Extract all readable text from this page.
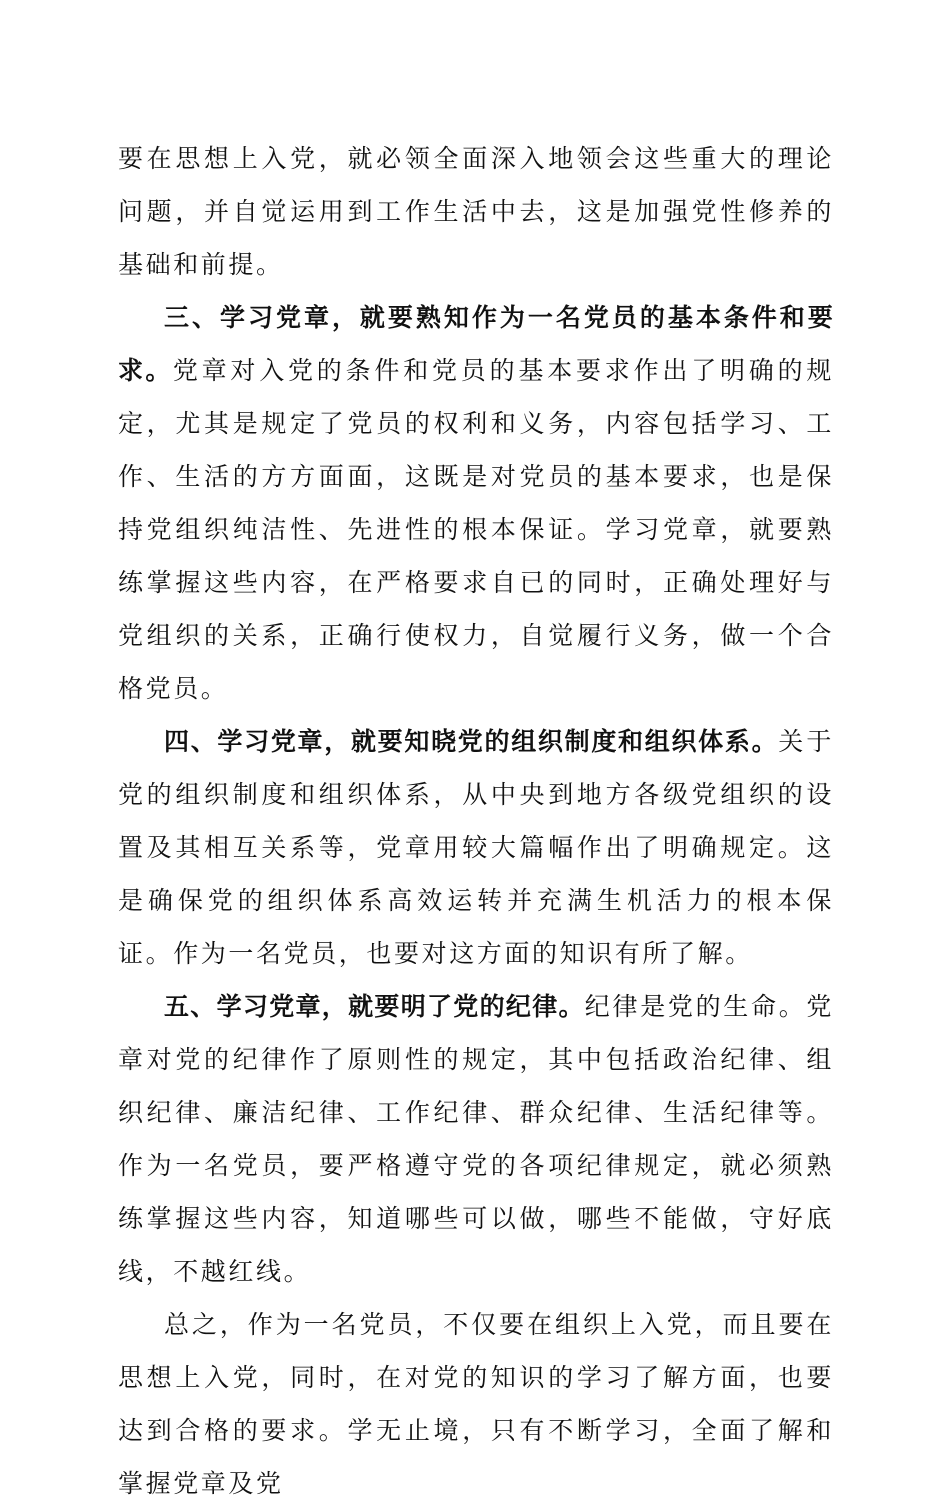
要在思想上入党，就必领全面深入地领会这些重大的理论问题，并自觉运用到工作生活中去，这是加强党性修养的基础和前提。

三、学习党章，就要熟知作为一名党员的基本条件和要求。党章对入党的条件和党员的基本要求作出了明确的规定，尤其是规定了党员的权利和义务，内容包括学习、工作、生活的方方面面，这既是对党员的基本要求，也是保持党组织纯洁性、先进性的根本保证。学习党章，就要熟练掌握这些内容，在严格要求自已的同时，正确处理好与党组织的关系，正确行使权力，自觉履行义务，做一个合格党员。

四、学习党章，就要知晓党的组织制度和组织体系。关于党的组织制度和组织体系，从中央到地方各级党组织的设置及其相互关系等，党章用较大篇幅作出了明确规定。这是确保党的组织体系高效运转并充满生机活力的根本保证。作为一名党员，也要对这方面的知识有所了解。

五、学习党章，就要明了党的纪律。纪律是党的生命。党章对党的纪律作了原则性的规定，其中包括政治纪律、组织纪律、廉洁纪律、工作纪律、群众纪律、生活纪律等。作为一名党员，要严格遵守党的各项纪律规定，就必须熟练掌握这些内容，知道哪些可以做，哪些不能做，守好底线，不越红线。

总之，作为一名党员，不仅要在组织上入党，而且要在思想上入党，同时，在对党的知识的学习了解方面，也要达到合格的要求。学无止境，只有不断学习，全面了解和掌握党章及党
